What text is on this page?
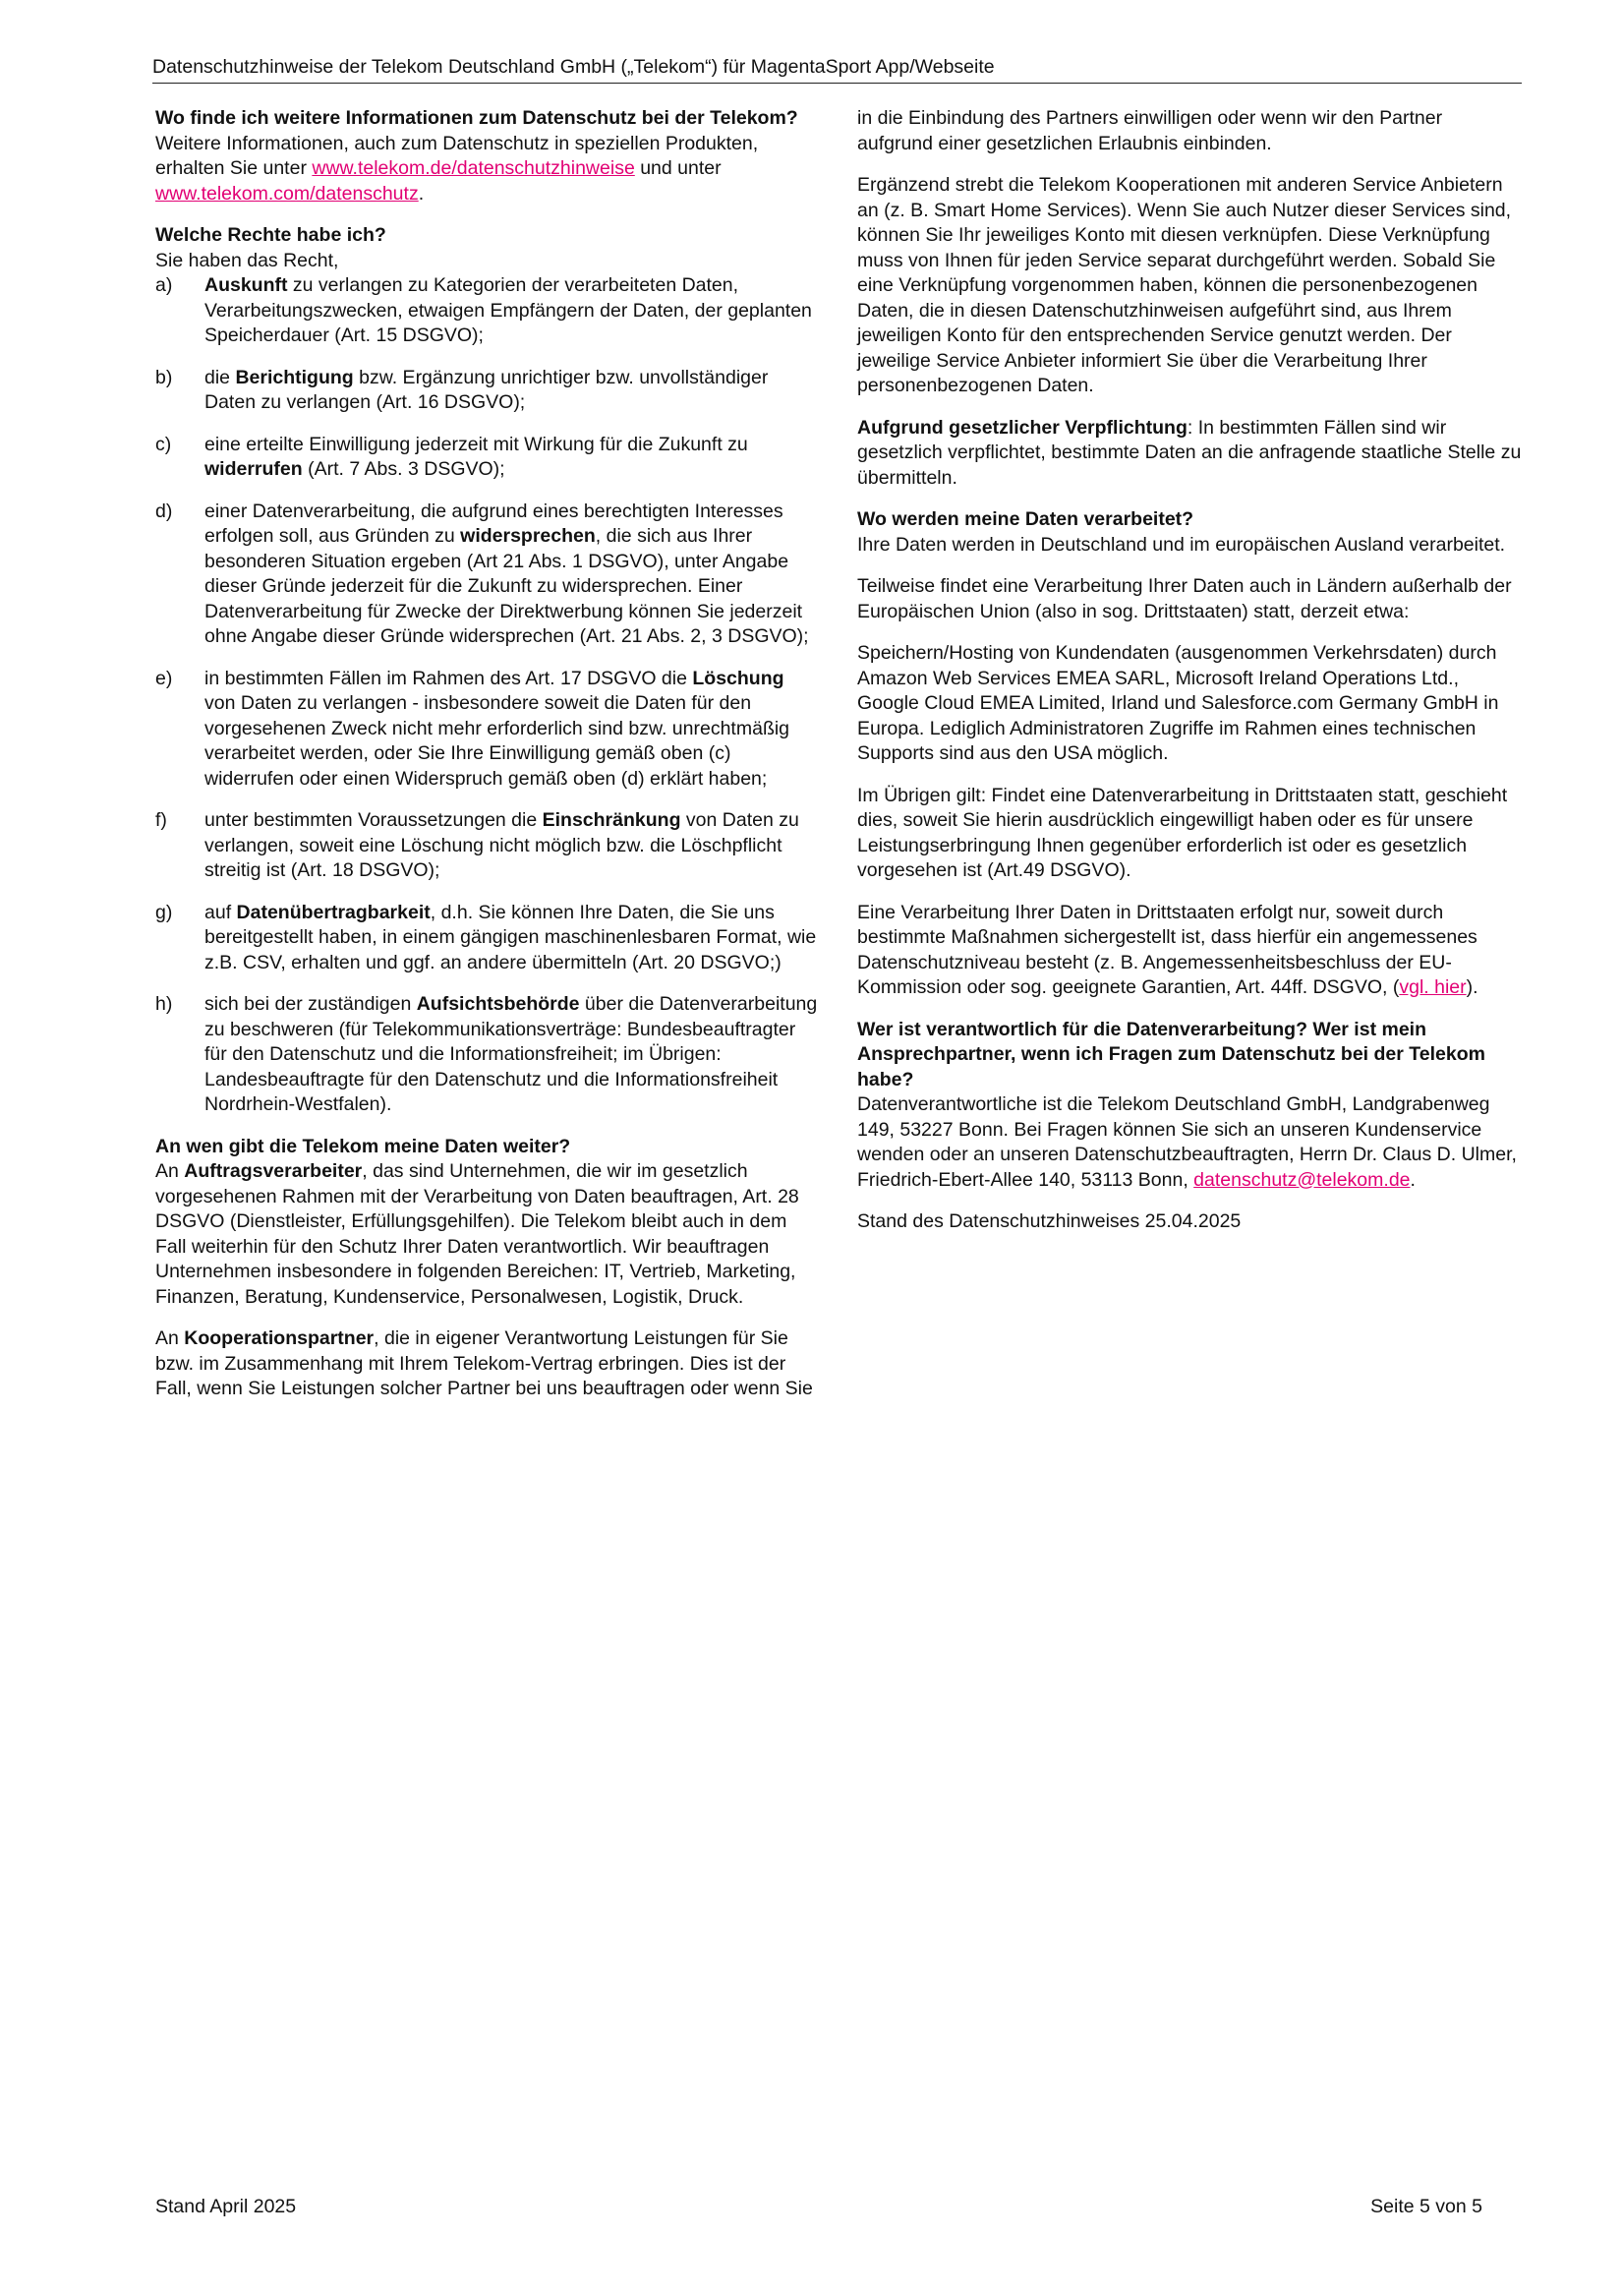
Datenschutzhinweise der Telekom Deutschland GmbH („Telekom“) für MagentaSport App/Webseite
Wo finde ich weitere Informationen zum Datenschutz bei der Telekom?
Weitere Informationen, auch zum Datenschutz in speziellen Produkten, erhalten Sie unter www.telekom.de/datenschutzhinweise und unter www.telekom.com/datenschutz.
Welche Rechte habe ich?
Sie haben das Recht,
a)	Auskunft zu verlangen zu Kategorien der verarbeiteten Daten, Verarbeitungszwecken, etwaigen Empfängern der Daten, der geplanten Speicherdauer (Art. 15 DSGVO);
b)	die Berichtigung bzw. Ergänzung unrichtiger bzw. unvollständiger Daten zu verlangen (Art. 16 DSGVO);
c)	eine erteilte Einwilligung jederzeit mit Wirkung für die Zukunft zu widerrufen (Art. 7 Abs. 3 DSGVO);
d)	einer Datenverarbeitung, die aufgrund eines berechtigten Interesses erfolgen soll, aus Gründen zu widersprechen, die sich aus Ihrer besonderen Situation ergeben (Art 21 Abs. 1 DSGVO), unter Angabe dieser Gründe jederzeit für die Zukunft zu widersprechen. Einer Datenverarbeitung für Zwecke der Direktwerbung können Sie jederzeit ohne Angabe dieser Gründe widersprechen (Art. 21 Abs. 2, 3 DSGVO);
e)	in bestimmten Fällen im Rahmen des Art. 17 DSGVO die Löschung von Daten zu verlangen - insbesondere soweit die Daten für den vorgesehenen Zweck nicht mehr erforderlich sind bzw. unrechtmäßig verarbeitet werden, oder Sie Ihre Einwilligung gemäß oben (c) widerrufen oder einen Widerspruch gemäß oben (d) erklärt haben;
f)	unter bestimmten Voraussetzungen die Einschränkung von Daten zu verlangen, soweit eine Löschung nicht möglich bzw. die Löschpflicht streitig ist (Art. 18 DSGVO);
g)	auf Datenübertragbarkeit, d.h. Sie können Ihre Daten, die Sie uns bereitgestellt haben, in einem gängigen maschinenlesbaren Format, wie z.B. CSV, erhalten und ggf. an andere übermitteln (Art. 20 DSGVO;)
h)	sich bei der zuständigen Aufsichtsbehörde über die Datenverarbeitung zu beschweren (für Telekommunikationsverträge: Bundesbeauftragter für den Datenschutz und die Informationsfreiheit; im Übrigen: Landesbeauftragte für den Datenschutz und die Informationsfreiheit Nordrhein-Westfalen).
An wen gibt die Telekom meine Daten weiter?

An Auftragsverarbeiter, das sind Unternehmen, die wir im gesetzlich vorgesehenen Rahmen mit der Verarbeitung von Daten beauftragen, Art. 28 DSGVO (Dienstleister, Erfüllungsgehilfen). Die Telekom bleibt auch in dem Fall weiterhin für den Schutz Ihrer Daten verantwortlich. Wir beauftragen Unternehmen insbesondere in folgenden Bereichen: IT, Vertrieb, Marketing, Finanzen, Beratung, Kundenservice, Personalwesen, Logistik, Druck.

An Kooperationspartner, die in eigener Verantwortung Leistungen für Sie bzw. im Zusammenhang mit Ihrem Telekom-Vertrag erbringen. Dies ist der Fall, wenn Sie Leistungen solcher Partner bei uns beauftragen oder wenn Sie

in die Einbindung des Partners einwilligen oder wenn wir den Partner aufgrund einer gesetzlichen Erlaubnis einbinden.

Ergänzend strebt die Telekom Kooperationen mit anderen Service Anbietern an (z. B. Smart Home Services). Wenn Sie auch Nutzer dieser Services sind, können Sie Ihr jeweiliges Konto mit diesen verknüpfen. Diese Verknüpfung muss von Ihnen für jeden Service separat durchgeführt werden. Sobald Sie eine Verknüpfung vorgenommen haben, können die personenbezogenen Daten, die in diesen Datenschutzhinweisen aufgeführt sind, aus Ihrem jeweiligen Konto für den entsprechenden Service genutzt werden. Der jeweilige Service Anbieter informiert Sie über die Verarbeitung Ihrer personenbezogenen Daten.

Aufgrund gesetzlicher Verpflichtung: In bestimmten Fällen sind wir gesetzlich verpflichtet, bestimmte Daten an die anfragende staatliche Stelle zu übermitteln.

Wo werden meine Daten verarbeitet?

Ihre Daten werden in Deutschland und im europäischen Ausland verarbeitet.

Teilweise findet eine Verarbeitung Ihrer Daten auch in Ländern außerhalb der Europäischen Union (also in sog. Drittstaaten) statt, derzeit etwa:

Speichern/Hosting von Kundendaten (ausgenommen Verkehrsdaten) durch Amazon Web Services EMEA SARL, Microsoft Ireland Operations Ltd., Google Cloud EMEA Limited, Irland und Salesforce.com Germany GmbH in Europa. Lediglich Administratoren Zugriffe im Rahmen eines technischen Supports sind aus den USA möglich.

Im Übrigen gilt: Findet eine Datenverarbeitung in Drittstaaten statt, geschieht dies, soweit Sie hierin ausdrücklich eingewilligt haben oder es für unsere Leistungserbringung Ihnen gegenüber erforderlich ist oder es gesetzlich vorgesehen ist (Art.49 DSGVO).

Eine Verarbeitung Ihrer Daten in Drittstaaten erfolgt nur, soweit durch bestimmte Maßnahmen sichergestellt ist, dass hierfür ein angemessenes Datenschutzniveau besteht (z. B. Angemessenheitsbeschluss der EU-Kommission oder sog. geeignete Garantien, Art. 44ff. DSGVO, (vgl. hier).

Wer ist verantwortlich für die Datenverarbeitung? Wer ist mein Ansprechpartner, wenn ich Fragen zum Datenschutz bei der Telekom habe?

Datenverantwortliche ist die Telekom Deutschland GmbH, Landgrabenweg 149, 53227 Bonn. Bei Fragen können Sie sich an unseren Kundenservice wenden oder an unseren Datenschutzbeauftragten, Herrn Dr. Claus D. Ulmer, Friedrich-Ebert-Allee 140, 53113 Bonn, datenschutz@telekom.de.

Stand des Datenschutzhinweises 25.04.2025

Stand April 2025	Seite 5 von 5
